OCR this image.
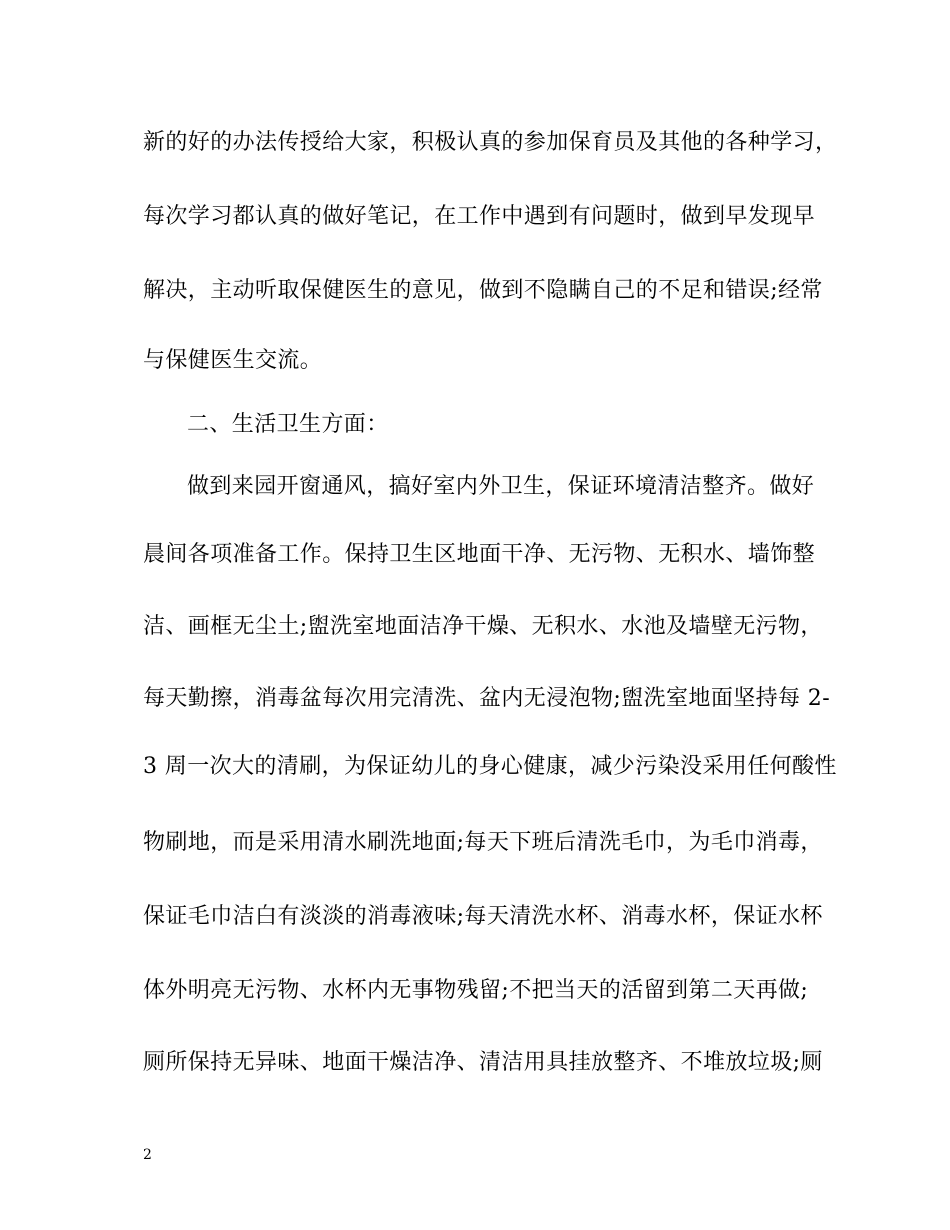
新的好的办法传授给大家，积极认真的参加保育员及其他的各种学习，
每次学习都认真的做好笔记，在工作中遇到有问题时，做到早发现早
解决，主动听取保健医生的意见，做到不隐瞒自己的不足和错误;经常
与保健医生交流。
二、生活卫生方面：
做到来园开窗通风，搞好室内外卫生，保证环境清洁整齐。做好
晨间各项准备工作。保持卫生区地面干净、无污物、无积水、墙饰整
洁、画框无尘土;盥洗室地面洁净干燥、无积水、水池及墙壁无污物，
每天勤擦，消毒盆每次用完清洗、盆内无浸泡物;盥洗室地面坚持每 2-
3 周一次大的清刷，为保证幼儿的身心健康，减少污染没采用任何酸性
物刷地，而是采用清水刷洗地面;每天下班后清洗毛巾，为毛巾消毒，
保证毛巾洁白有淡淡的消毒液味;每天清洗水杯、消毒水杯，保证水杯
体外明亮无污物、水杯内无事物残留;不把当天的活留到第二天再做;
厕所保持无异味、地面干燥洁净、清洁用具挂放整齐、不堆放垃圾;厕
2
